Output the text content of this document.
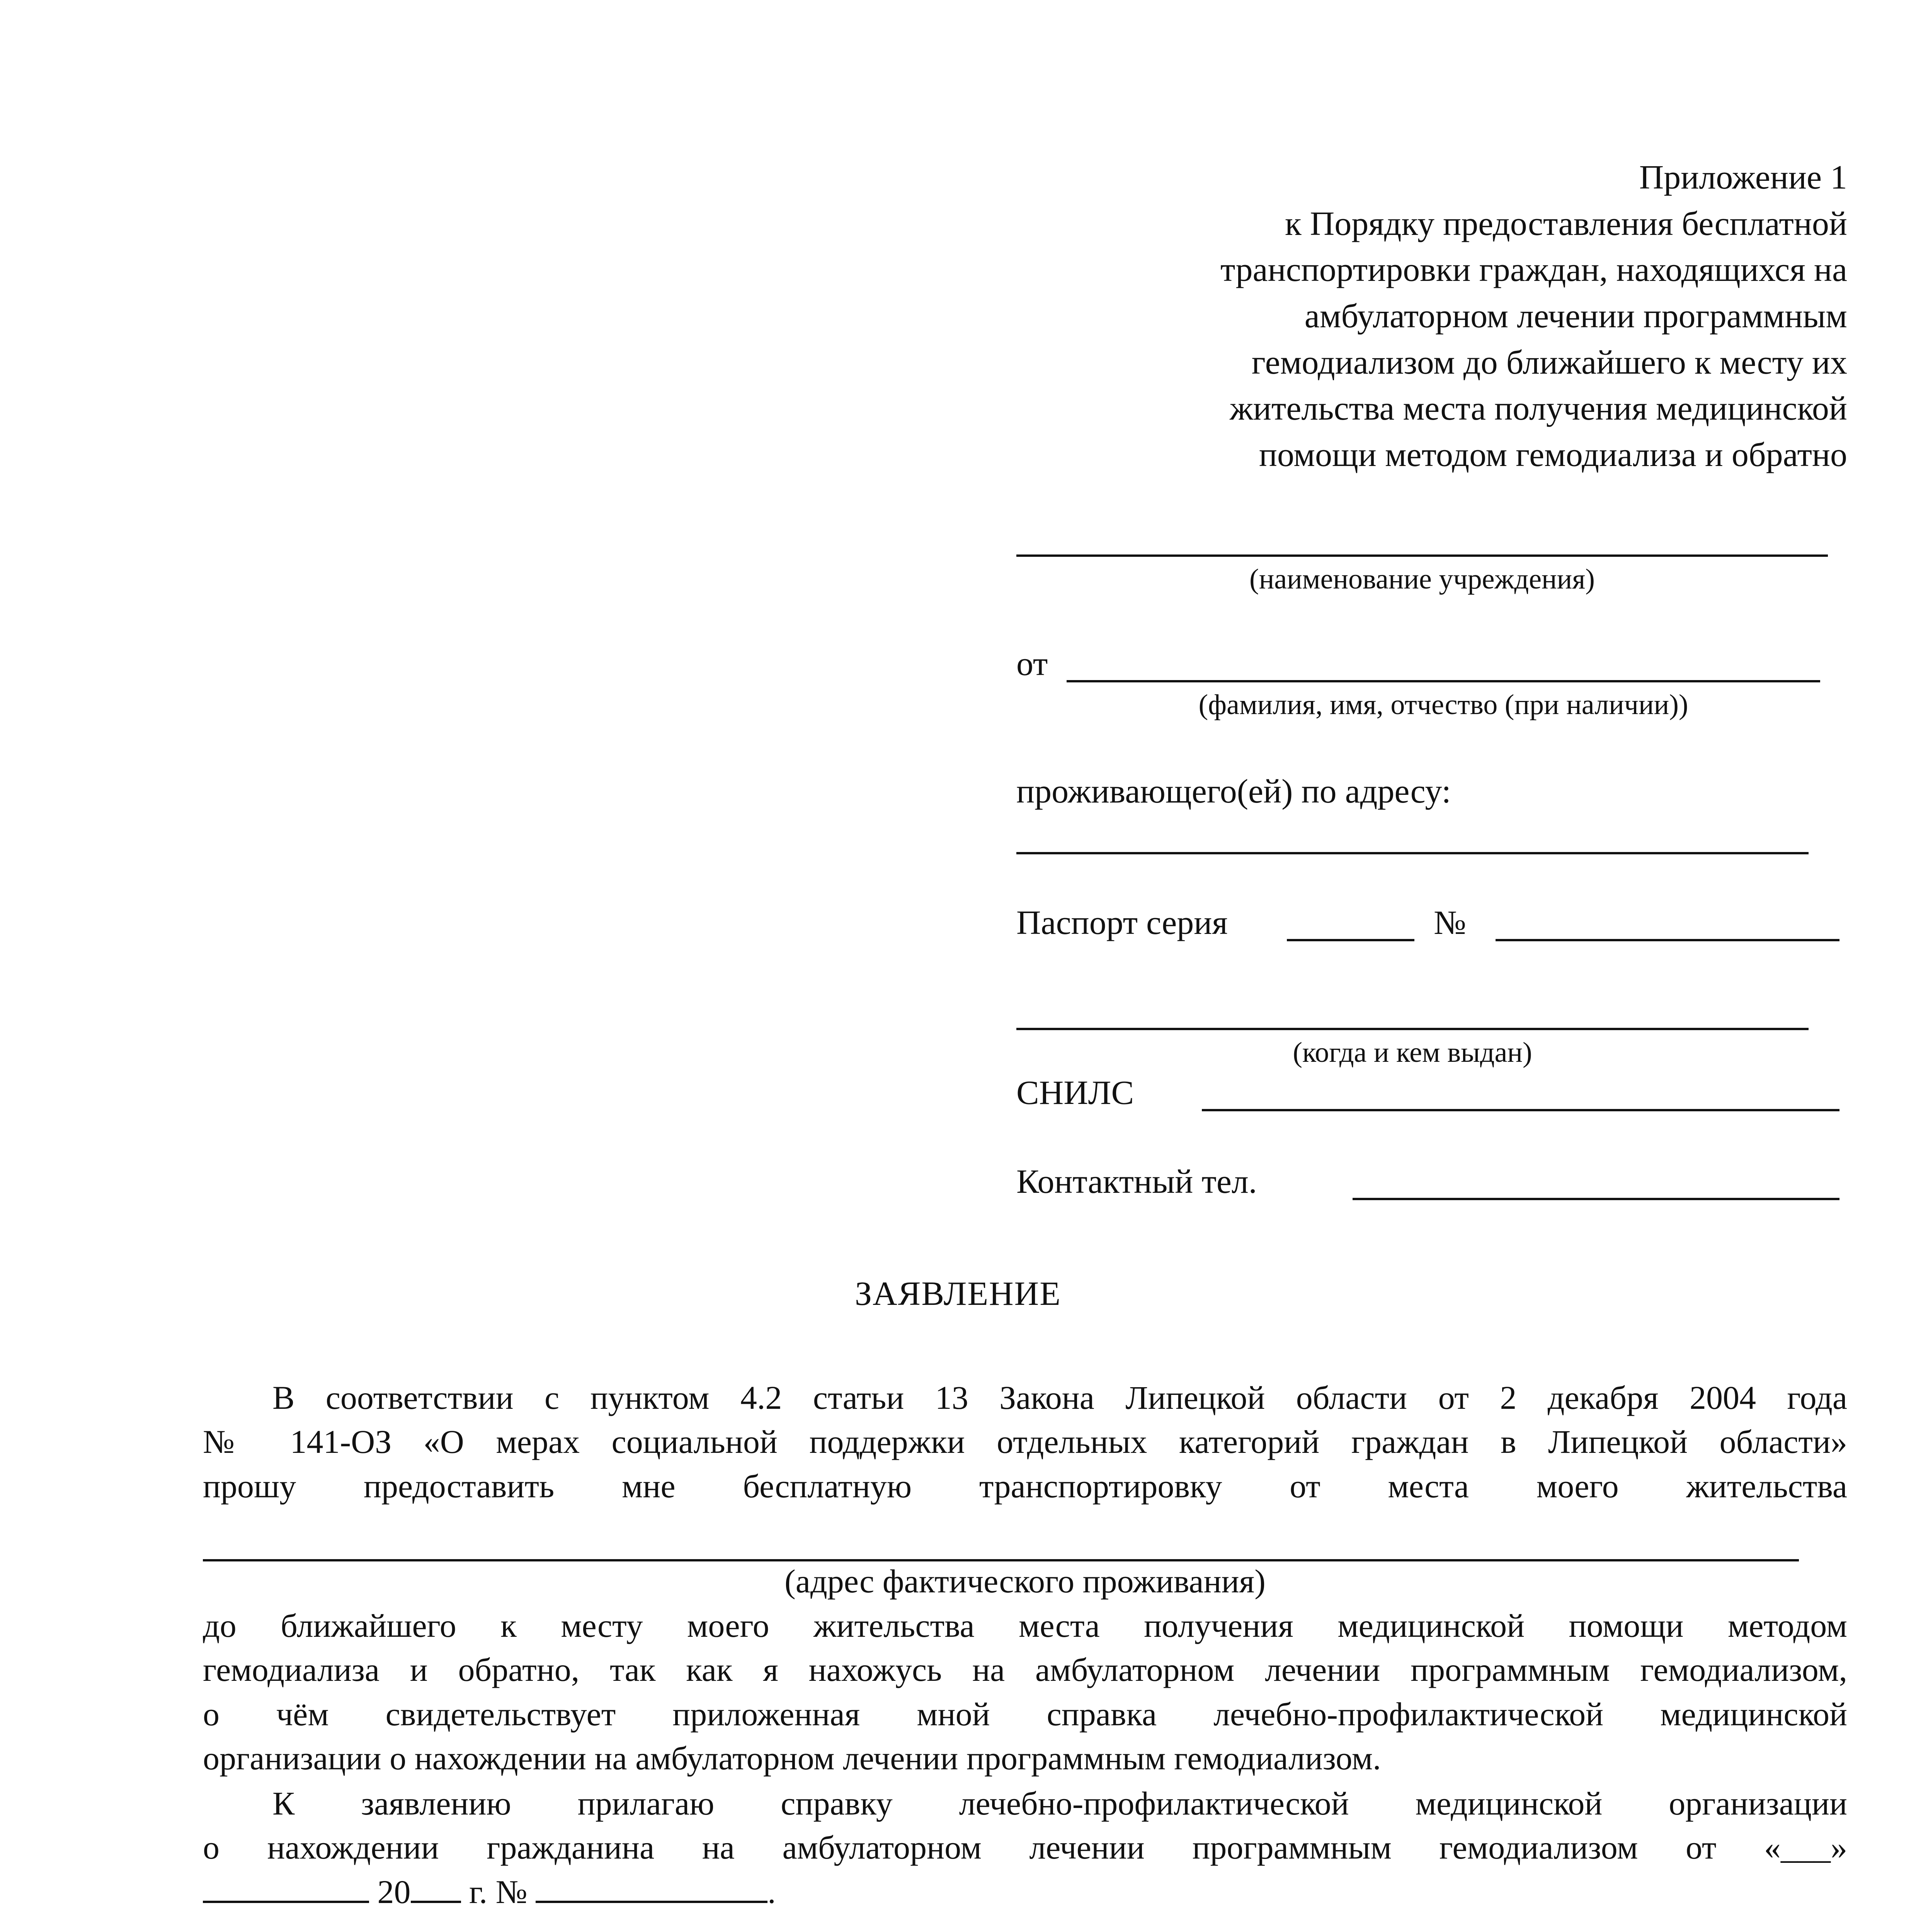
Приложение 1
к Порядку предоставления бесплатной
транспортировки граждан, находящихся на
амбулаторном лечении программным
гемодиализом до ближайшего к месту их
жительства места получения медицинской
помощи методом гемодиализа и обратно
(наименование учреждения)
от
(фамилия, имя, отчество (при наличии))
проживающего(ей) по адресу:
Паспорт серия	№
(когда и кем выдан)
СНИЛС
Контактный тел.
ЗАЯВЛЕНИЕ
В соответствии с пунктом 4.2 статьи 13 Закона Липецкой области от 2 декабря 2004 года
№ 141-ОЗ «О мерах социальной поддержки отдельных категорий граждан в Липецкой области»
прошу предоставить мне бесплатную транспортировку от места моего жительства
(адрес фактического проживания)
до ближайшего к месту моего жительства места получения медицинской помощи методом
гемодиализа и обратно, так как я нахожусь на амбулаторном лечении программным гемодиализом,
о чём свидетельствует приложенная мной справка лечебно-профилактической медицинской
организации о нахождении на амбулаторном лечении программным гемодиализом.
К заявлению прилагаю справку лечебно-профилактической медицинской организации
о нахождении гражданина на амбулаторном лечении программным гемодиализом от «___»
20 г. №	.
